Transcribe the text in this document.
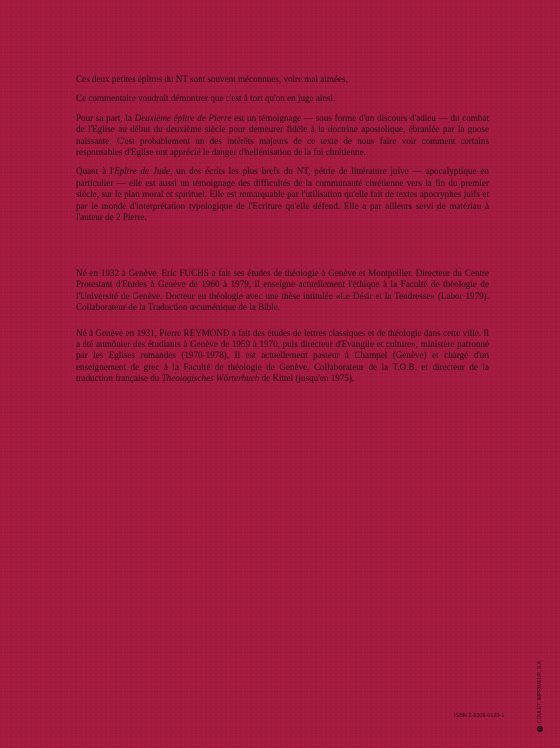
Ces deux petites épîtres du NT sont souvent méconnues, voire mal aimées.

Ce commentaire voudrait démontrer que c'est à tort qu'on en juge ainsi.

Pour sa part, la Deuxième épître de Pierre est un témoignage — sous forme d'un discours d'adieu — du combat de l'Eglise au début du deuxième siècle pour demeurer fidèle à la doctrine apostolique, ébranlée par la gnose naissante. C'est probablement un des intérêts majeurs de ce texte de nous faire voir comment certains responsables d'Eglise ont apprécié le danger d'hellénisation de la foi chrétienne.

Quant à l'Epître de Jude, un des écrits les plus brefs du NT, pétrie de littérature juive — apocalyptique en particulier — elle est aussi un témoignage des difficultés de la communauté chrétienne vers la fin du premier siècle, sur le plan moral et spirituel. Elle est remarquable par l'utilisation qu'elle fait de textes apocryphes juifs et par le monde d'interprétation typologique de l'Ecriture qu'elle défend. Elle a par ailleurs servi de matériau à l'auteur de 2 Pierre.

Né en 1932 à Genève, Eric FUCHS a fait ses études de théologie à Genève et Montpellier. Directeur du Centre Protestant d'Etudes à Genève de 1960 à 1979, il enseigne actuellement l'éthique à la Faculté de théologie de l'Université de Genève. Docteur en théologie avec une thèse intitulée «Le Désir et la Tendresse» (Labor 1979). Collaborateur de la Traduction œcuménique de la Bible.

Né à Genève en 1931, Pierre REYMOND a fait des études de lettres classiques et de théologie dans cette ville. Il a été aumônier des étudiants à Genève de 1959 à 1970, puis directeur d'Evangile et culture», ministère patronné par les Eglises romandes (1970-1978). Il est actuellement pasteur à Champel (Genève) et chargé d'un enseignement de grec à la Faculté de théologie de Genève. Collaborateur de la T.O.B. et directeur de la traduction française du Theologisches Wörterbuch de Kittel (jusqu'en 1975).

©COULET, IMPRIMEUR, S.A.
ISBN 2-8309-0123-1
